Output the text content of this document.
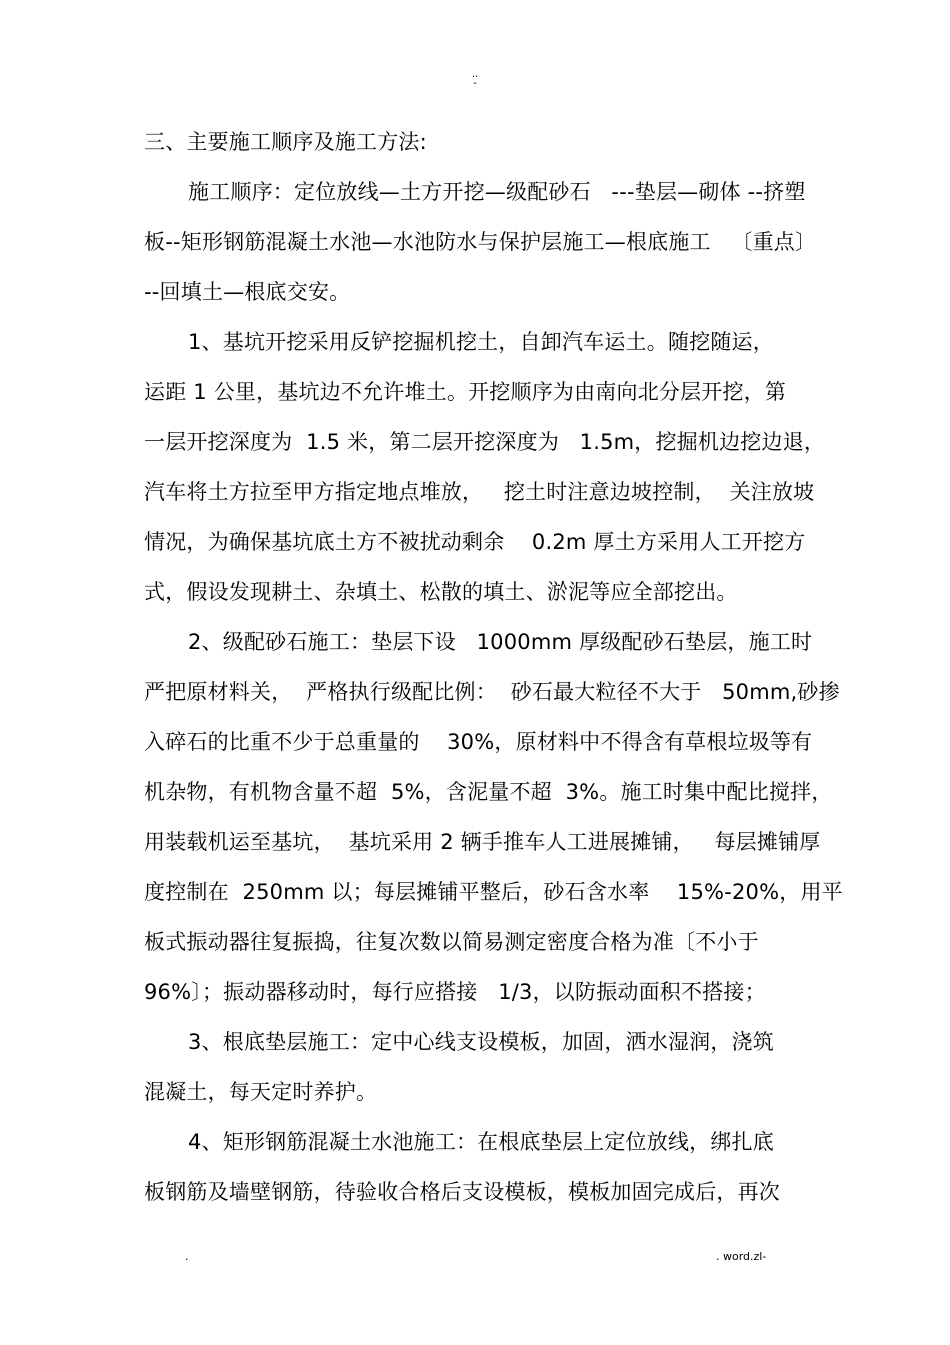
..
-
三、主要施工顺序及施工方法:
施工顺序：定位放线—土方开挖—级配砂石   ---垫层—砌体 --挤塑
板--矩形钢筋混凝土水池—水池防水与保护层施工—根底施工   〔重点〕
--回填土—根底交安。
1、基坑开挖采用反铲挖掘机挖土，自卸汽车运土。随挖随运，
运距 1 公里，基坑边不允许堆土。开挖顺序为由南向北分层开挖，第
一层开挖深度为  1.5 米，第二层开挖深度为   1.5m，挖掘机边挖边退，
汽车将土方拉至甲方指定地点堆放，   挖土时注意边坡控制，  关注放坡
情况，为确保基坑底土方不被扰动剩余    0.2m 厚土方采用人工开挖方
式，假设发现耕土、杂填土、松散的填土、淤泥等应全部挖出。
2、级配砂石施工：垫层下设   1000mm 厚级配砂石垫层，施工时
严把原材料关，  严格执行级配比例：  砂石最大粒径不大于   50mm,砂掺
入碎石的比重不少于总重量的    30%，原材料中不得含有草根垃圾等有
机杂物，有机物含量不超  5%，含泥量不超  3%。施工时集中配比搅拌，
用装载机运至基坑，  基坑采用 2 辆手推车人工进展摊铺，   每层摊铺厚
度控制在  250mm 以；每层摊铺平整后，砂石含水率    15%-20%，用平
板式振动器往复振捣，往复次数以简易测定密度合格为准〔不小于
96%〕；振动器移动时，每行应搭接   1/3，以防振动面积不搭接；
3、根底垫层施工：定中心线支设模板，加固，洒水湿润，浇筑
混凝土，每天定时养护。
4、矩形钢筋混凝土水池施工：在根底垫层上定位放线，绑扎底
板钢筋及墙壁钢筋，待验收合格后支设模板，模板加固完成后，再次
.	. word.zl-
